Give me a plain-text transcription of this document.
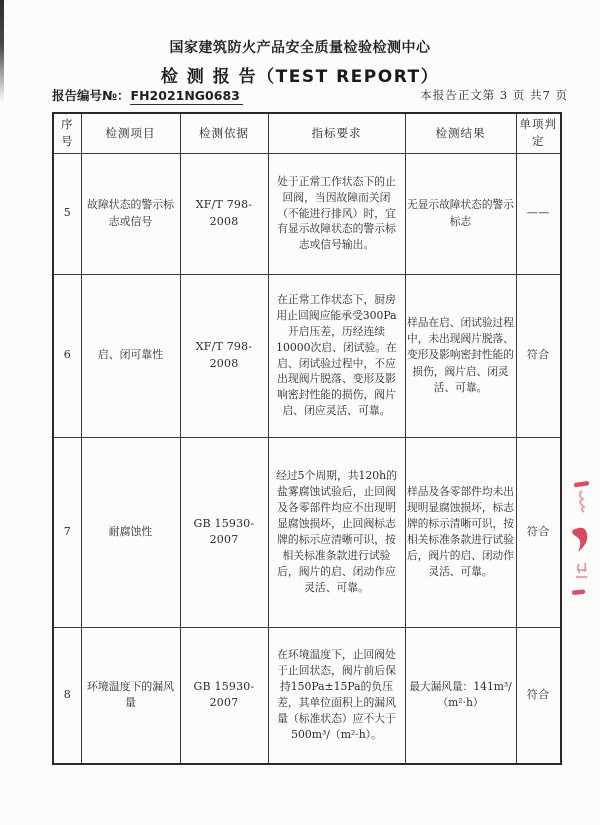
国家建筑防火产品安全质量检验检测中心
检 测 报 告（TEST REPORT）
报告编号№：FH2021NG0683	本报告正文第 3 页 共7 页
序号	检测项目	检测依据	指标要求	检测结果	单项判定
5	故障状态的警示标志或信号	XF/T 798-2008	处于正常工作状态下的止回阀，当因故障而关闭（不能进行排风）时，宜有显示故障状态的警示标志或信号输出。	无显示故障状态的警示标志	——
6	启、闭可靠性	XF/T 798-2008	在正常工作状态下，厨房用止回阀应能承受300Pa开启压差，历经连续10000次启、闭试验。在启、闭试验过程中，不应出现阀片脱落、变形及影响密封性能的损伤，阀片启、闭应灵活、可靠。	样品在启、闭试验过程中，未出现阀片脱落、变形及影响密封性能的损伤，阀片启、闭灵活、可靠。	符合
7	耐腐蚀性	GB 15930-2007	经过5个周期，共120h的盐雾腐蚀试验后，止回阀及各零部件均应不出现明显腐蚀损坏，止回阀标志牌的标示应清晰可识，按相关标准条款进行试验后，阀片的启、闭动作应灵活、可靠。	样品及各零部件均未出现明显腐蚀损坏，标志牌的标示清晰可识，按相关标准条款进行试验后，阀片的启、闭动作灵活、可靠。	符合
8	环境温度下的漏风量	GB 15930-2007	在环境温度下，止回阀处于止回状态，阀片前后保持150Pa±15Pa的负压差，其单位面积上的漏风量（标准状态）应不大于500m³/（m²·h）。	最大漏风量：141m³/（m²·h）	符合
